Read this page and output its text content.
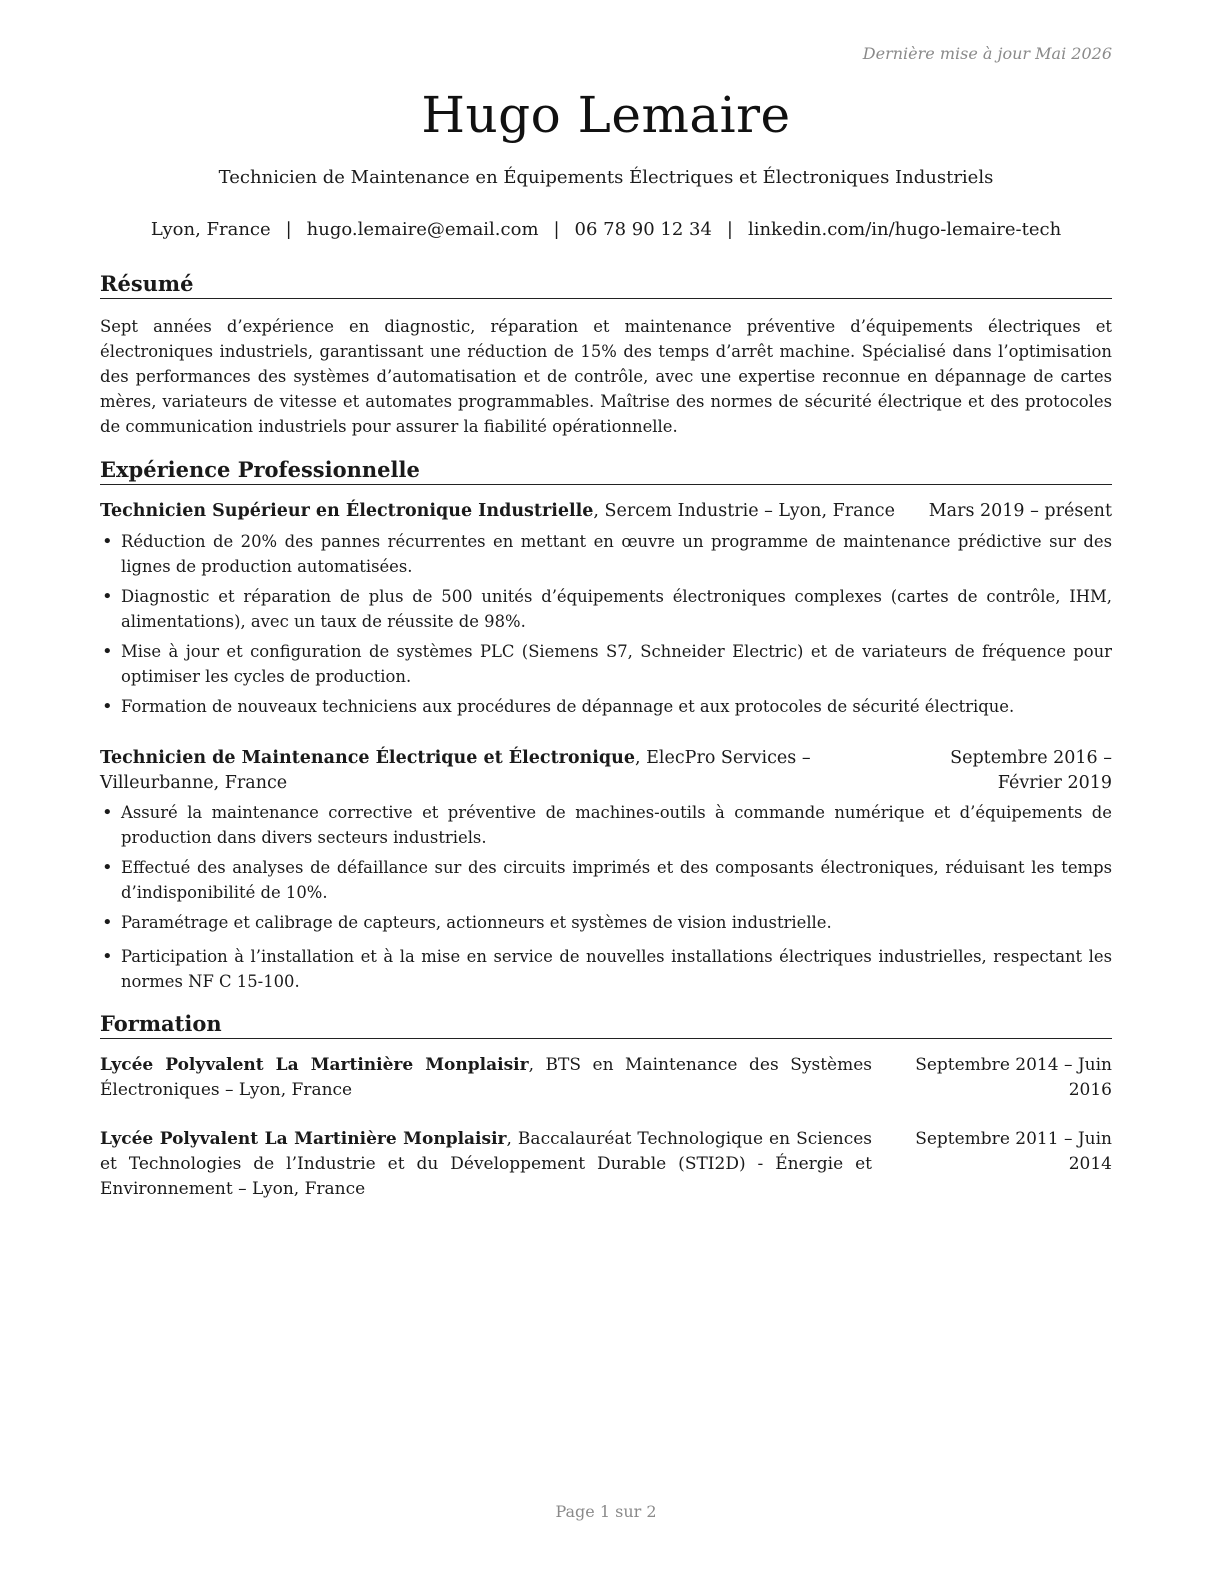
Dernière mise à jour Mai 2026
Hugo Lemaire
Technicien de Maintenance en Équipements Électriques et Électroniques Industriels
Lyon, France | hugo.lemaire@email.com | 06 78 90 12 34 | linkedin.com/in/hugo-lemaire-tech
Résumé
Sept années d’expérience en diagnostic, réparation et maintenance préventive d’équipements électriques et électroniques industriels, garantissant une réduction de 15% des temps d’arrêt machine. Spécialisé dans l’optimisation des performances des systèmes d’automatisation et de contrôle, avec une expertise reconnue en dépannage de cartes mères, variateurs de vitesse et automates programmables. Maîtrise des normes de sécurité électrique et des protocoles de communication industriels pour assurer la fiabilité opérationnelle.
Expérience Professionnelle
Technicien Supérieur en Électronique Industrielle, Sercem Industrie – Lyon, France Mars 2019 – présent
• Réduction de 20% des pannes récurrentes en mettant en œuvre un programme de maintenance prédictive sur des lignes de production automatisées.
• Diagnostic et réparation de plus de 500 unités d’équipements électroniques complexes (cartes de contrôle, IHM, alimentations), avec un taux de réussite de 98%.
• Mise à jour et configuration de systèmes PLC (Siemens S7, Schneider Electric) et de variateurs de fréquence pour optimiser les cycles de production.
• Formation de nouveaux techniciens aux procédures de dépannage et aux protocoles de sécurité électrique.
Technicien de Maintenance Électrique et Électronique, ElecPro Services – Villeurbanne, France
Septembre 2016 – Février 2019
• Assuré la maintenance corrective et préventive de machines-outils à commande numérique et d’équipements de production dans divers secteurs industriels.
• Effectué des analyses de défaillance sur des circuits imprimés et des composants électroniques, réduisant les temps d’indisponibilité de 10%.
• Paramétrage et calibrage de capteurs, actionneurs et systèmes de vision industrielle.
• Participation à l’installation et à la mise en service de nouvelles installations électriques industrielles, respectant les normes NF C 15-100.
Formation
Lycée Polyvalent La Martinière Monplaisir, BTS en Maintenance des Systèmes Électroniques – Lyon, France
Septembre 2014 – Juin 2016
Lycée Polyvalent La Martinière Monplaisir, Baccalauréat Technologique en Sciences et Technologies de l’Industrie et du Développement Durable (STI2D) - Énergie et Environnement – Lyon, France
Septembre 2011 – Juin 2014
Page 1 sur 2
